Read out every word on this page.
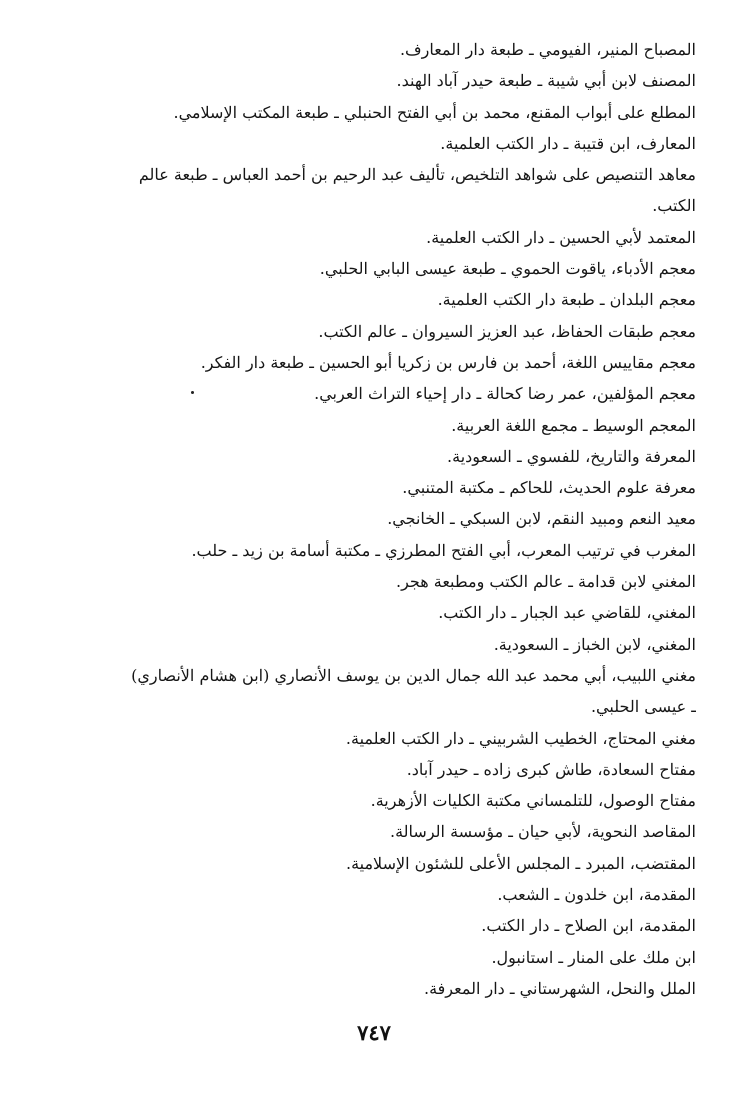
المصباح المنير، الفيومي ـ طبعة دار المعارف.
المصنف لابن أبي شيبة ـ طبعة حيدر آباد الهند.
المطلع على أبواب المقنع، محمد بن أبي الفتح الحنبلي ـ طبعة المكتب الإسلامي.
المعارف، ابن قتيبة ـ دار الكتب العلمية.
معاهد التنصيص على شواهد التلخيص، تأليف عبد الرحيم بن أحمد العباس ـ طبعة عالم
الكتب.
المعتمد لأبي الحسين ـ دار الكتب العلمية.
معجم الأدباء، ياقوت الحموي ـ طبعة عيسى البابي الحلبي.
معجم البلدان ـ طبعة دار الكتب العلمية.
معجم طبقات الحفاظ، عبد العزيز السيروان ـ عالم الكتب.
معجم مقاييس اللغة، أحمد بن فارس بن زكريا أبو الحسين ـ طبعة دار الفكر.
معجم المؤلفين، عمر رضا كحالة ـ دار إحياء التراث العربي.
المعجم الوسيط ـ مجمع اللغة العربية.
المعرفة والتاريخ، للفسوي ـ السعودية.
معرفة علوم الحديث، للحاكم ـ مكتبة المتنبي.
معيد النعم ومبيد النقم، لابن السبكي ـ الخانجي.
المغرب في ترتيب المعرب، أبي الفتح المطرزي ـ مكتبة أسامة بن زيد ـ حلب.
المغني لابن قدامة ـ عالم الكتب ومطبعة هجر.
المغني، للقاضي عبد الجبار ـ دار الكتب.
المغني، لابن الخباز ـ السعودية.
مغني اللبيب، أبي محمد عبد الله جمال الدين بن يوسف الأنصاري (ابن هشام الأنصاري)
ـ عيسى الحلبي.
مغني المحتاج، الخطيب الشربيني ـ دار الكتب العلمية.
مفتاح السعادة، طاش كبرى زاده ـ حيدر آباد.
مفتاح الوصول، للتلمساني مكتبة الكليات الأزهرية.
المقاصد النحوية، لأبي حيان ـ مؤسسة الرسالة.
المقتضب، المبرد ـ المجلس الأعلى للشئون الإسلامية.
المقدمة، ابن خلدون ـ الشعب.
المقدمة، ابن الصلاح ـ دار الكتب.
ابن ملك على المنار ـ استانبول.
الملل والنحل، الشهرستاني ـ دار المعرفة.
٧٤٧
